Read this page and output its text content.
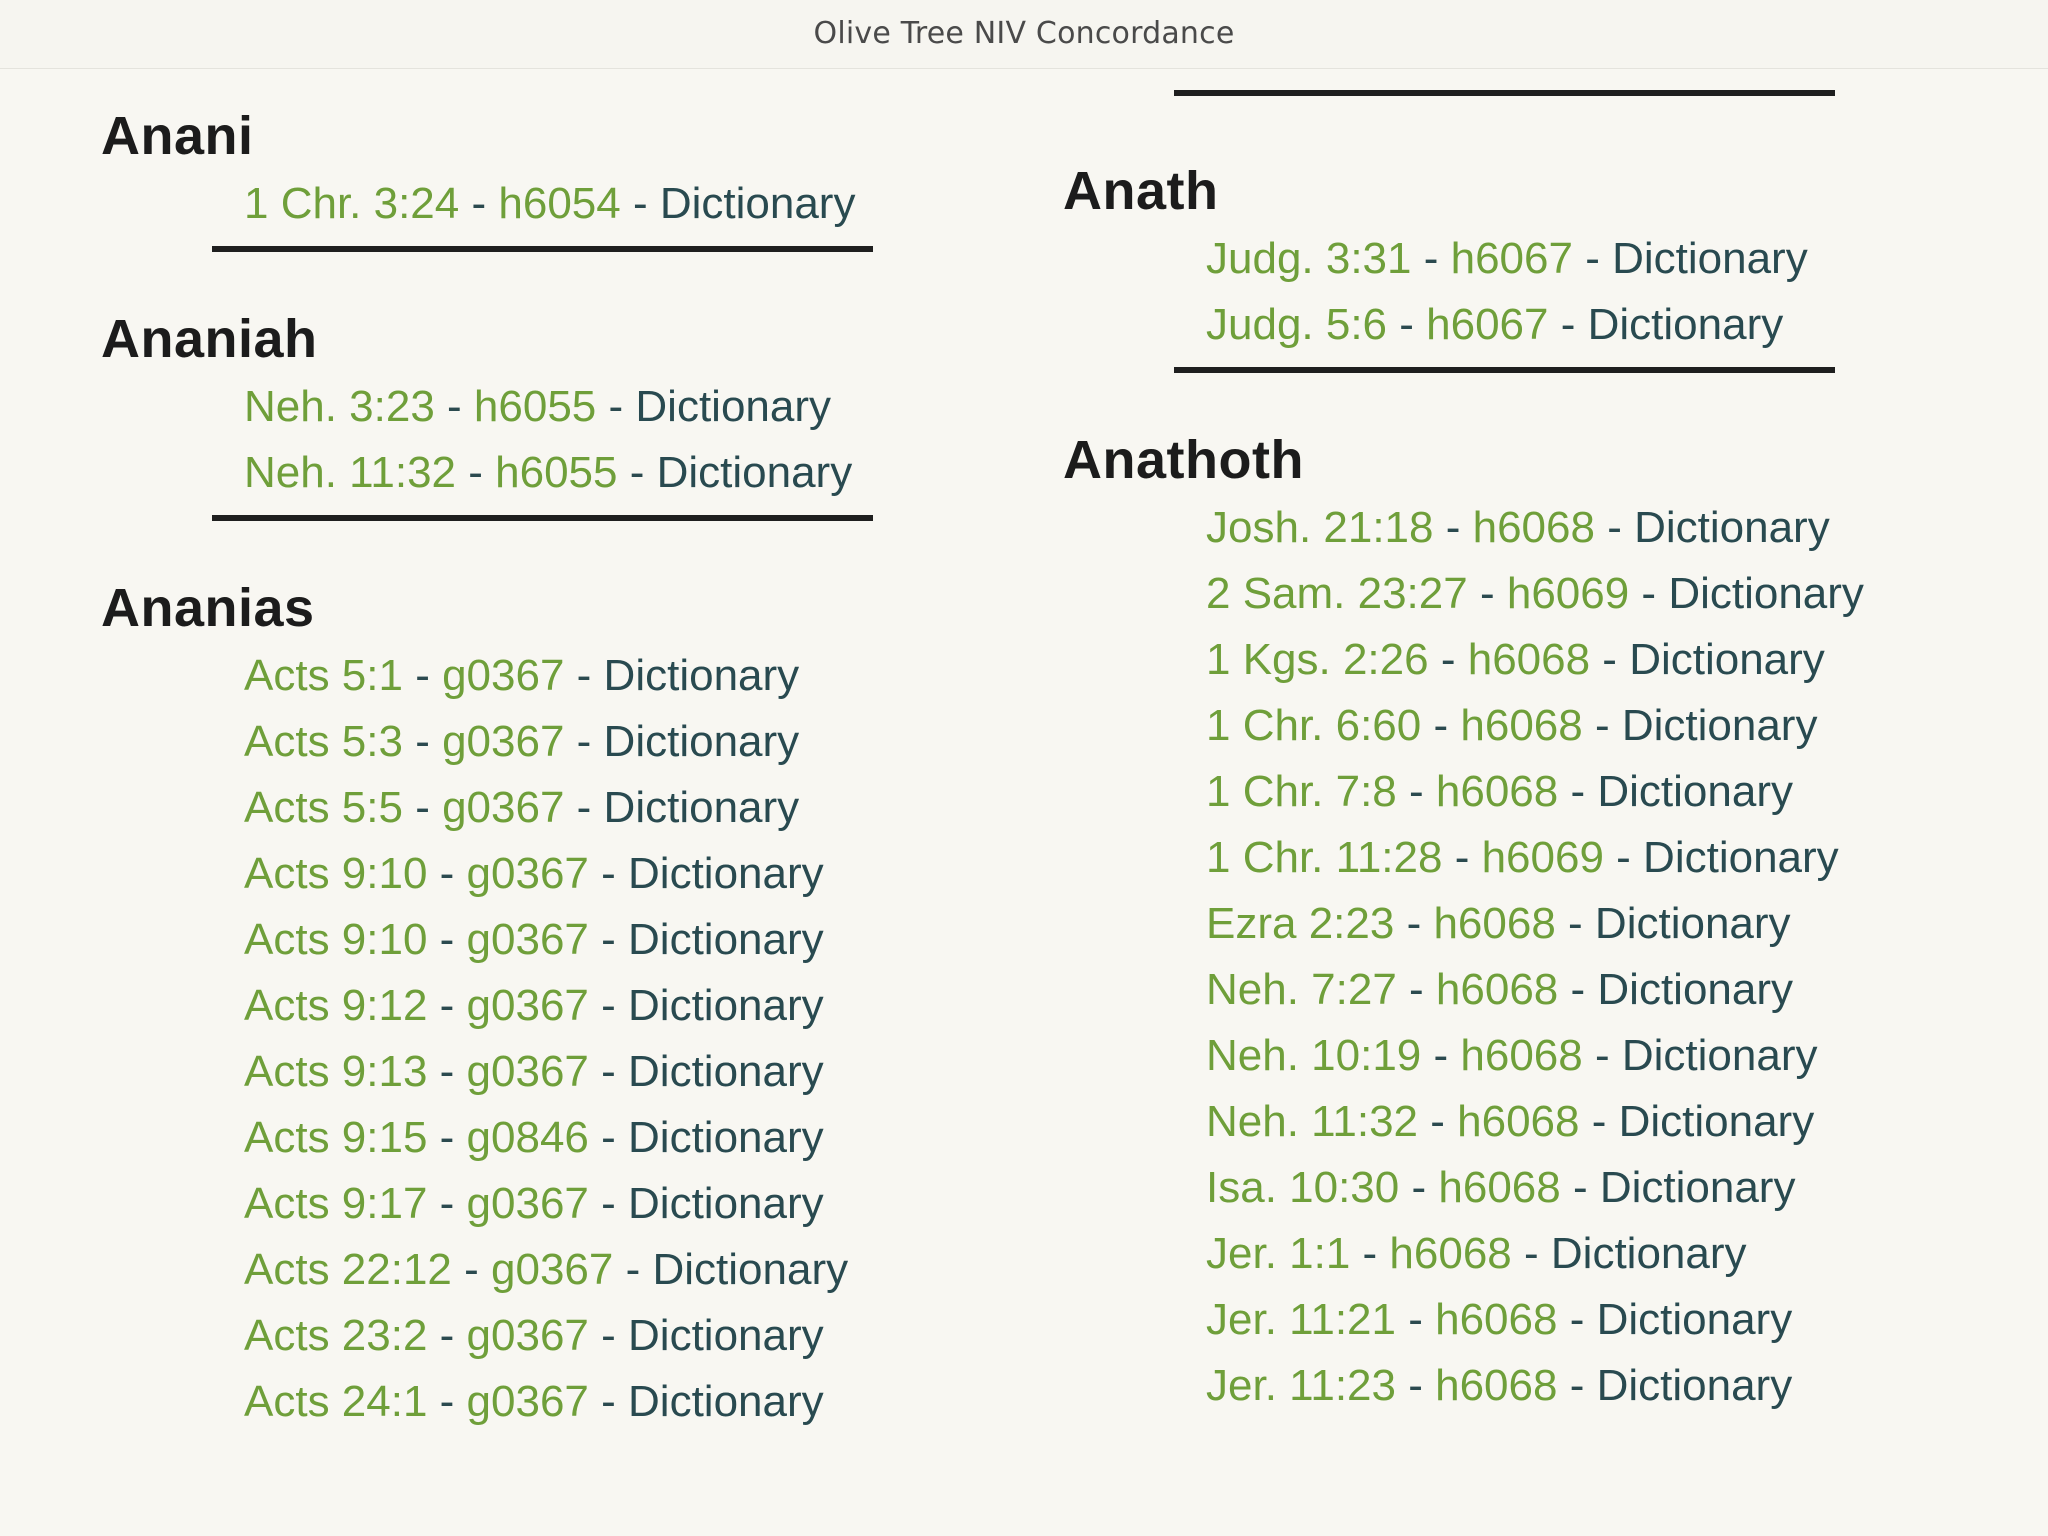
Olive Tree NIV Concordance
Anani
1 Chr. 3:24 - h6054 - Dictionary
Ananiah
Neh. 3:23 - h6055 - Dictionary
Neh. 11:32 - h6055 - Dictionary
Ananias
Acts 5:1 - g0367 - Dictionary
Acts 5:3 - g0367 - Dictionary
Acts 5:5 - g0367 - Dictionary
Acts 9:10 - g0367 - Dictionary
Acts 9:10 - g0367 - Dictionary
Acts 9:12 - g0367 - Dictionary
Acts 9:13 - g0367 - Dictionary
Acts 9:15 - g0846 - Dictionary
Acts 9:17 - g0367 - Dictionary
Acts 22:12 - g0367 - Dictionary
Acts 23:2 - g0367 - Dictionary
Acts 24:1 - g0367 - Dictionary
Anath
Judg. 3:31 - h6067 - Dictionary
Judg. 5:6 - h6067 - Dictionary
Anathoth
Josh. 21:18 - h6068 - Dictionary
2 Sam. 23:27 - h6069 - Dictionary
1 Kgs. 2:26 - h6068 - Dictionary
1 Chr. 6:60 - h6068 - Dictionary
1 Chr. 7:8 - h6068 - Dictionary
1 Chr. 11:28 - h6069 - Dictionary
Ezra 2:23 - h6068 - Dictionary
Neh. 7:27 - h6068 - Dictionary
Neh. 10:19 - h6068 - Dictionary
Neh. 11:32 - h6068 - Dictionary
Isa. 10:30 - h6068 - Dictionary
Jer. 1:1 - h6068 - Dictionary
Jer. 11:21 - h6068 - Dictionary
Jer. 11:23 - h6068 - Dictionary
